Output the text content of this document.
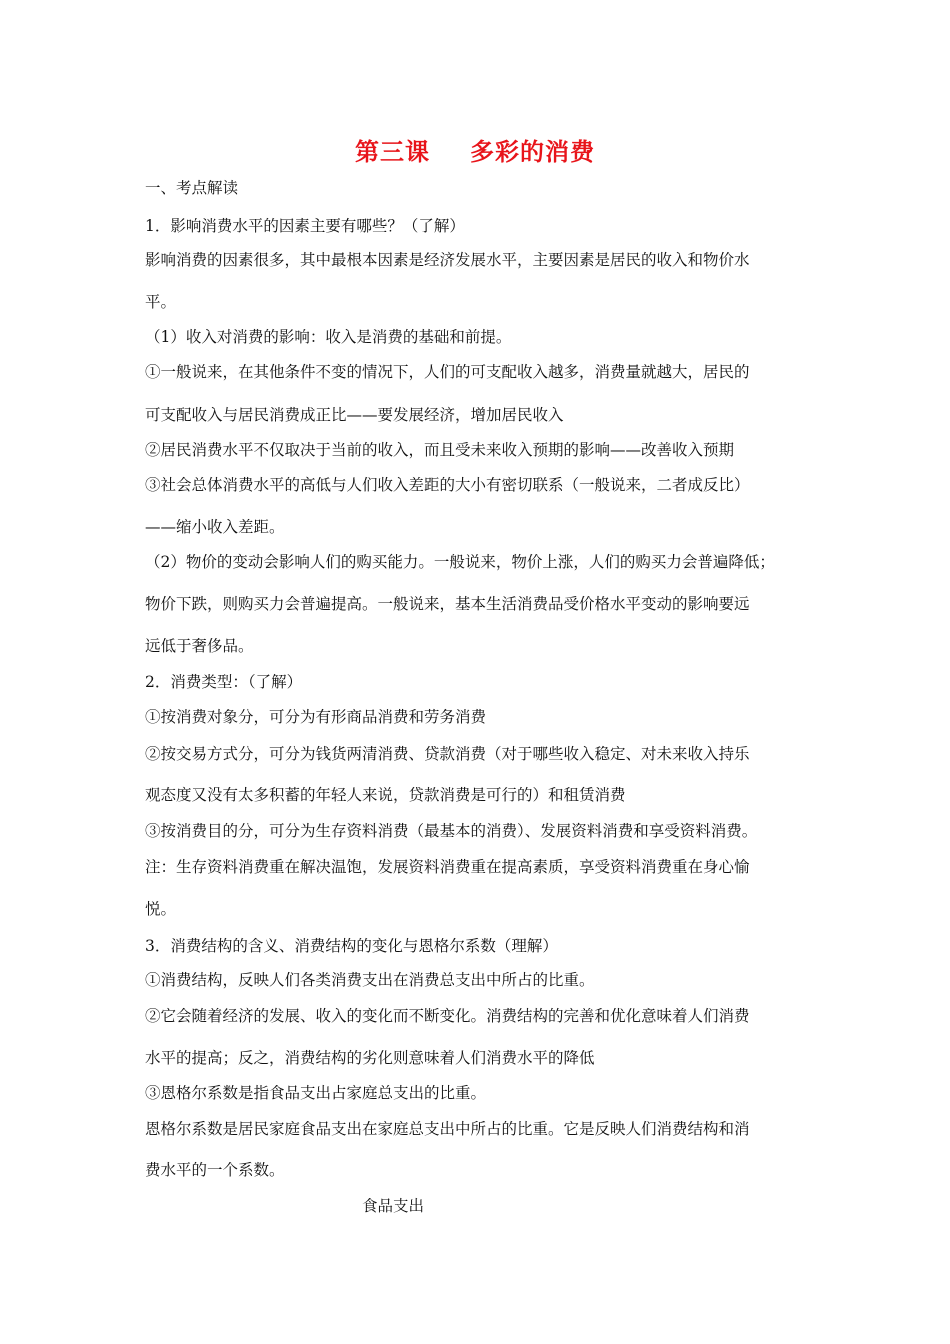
第三课 多彩的消费
一、考点解读
1．影响消费水平的因素主要有哪些？（了解）
影响消费的因素很多，其中最根本因素是经济发展水平，主要因素是居民的收入和物价水
平。
（1）收入对消费的影响：收入是消费的基础和前提。
①一般说来，在其他条件不变的情况下，人们的可支配收入越多，消费量就越大，居民的
可支配收入与居民消费成正比——要发展经济，增加居民收入
②居民消费水平不仅取决于当前的收入，而且受未来收入预期的影响——改善收入预期
③社会总体消费水平的高低与人们收入差距的大小有密切联系（一般说来，二者成反比）
——缩小收入差距。
（2）物价的变动会影响人们的购买能力。一般说来，物价上涨，人们的购买力会普遍降低；
物价下跌，则购买力会普遍提高。一般说来，基本生活消费品受价格水平变动的影响要远
远低于奢侈品。
2．消费类型：（了解）
①按消费对象分，可分为有形商品消费和劳务消费
②按交易方式分，可分为钱货两清消费、贷款消费（对于哪些收入稳定、对未来收入持乐
观态度又没有太多积蓄的年轻人来说，贷款消费是可行的）和租赁消费
③按消费目的分，可分为生存资料消费（最基本的消费）、发展资料消费和享受资料消费。
注：生存资料消费重在解决温饱，发展资料消费重在提高素质，享受资料消费重在身心愉
悦。
3．消费结构的含义、消费结构的变化与恩格尔系数（理解）
①消费结构，反映人们各类消费支出在消费总支出中所占的比重。
②它会随着经济的发展、收入的变化而不断变化。消费结构的完善和优化意味着人们消费
水平的提高；反之，消费结构的劣化则意味着人们消费水平的降低
③恩格尔系数是指食品支出占家庭总支出的比重。
恩格尔系数是居民家庭食品支出在家庭总支出中所占的比重。它是反映人们消费结构和消
费水平的一个系数。
食品支出
